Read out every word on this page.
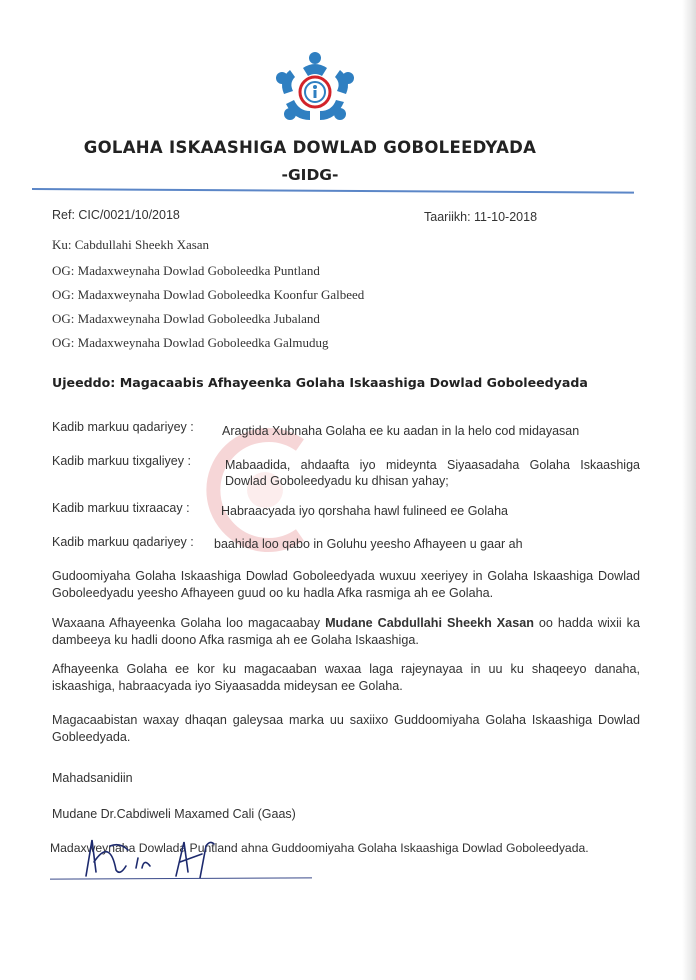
GOLAHA ISKAASHIGA DOWLAD GOBOLEEDYADA
-GIDG-
Ref: CIC/0021/10/2018	Taariikh: 11-10-2018
Ku: Cabdullahi Sheekh Xasan
OG: Madaxweynaha Dowlad Goboleedka Puntland
OG: Madaxweynaha Dowlad Goboleedka Koonfur Galbeed
OG: Madaxweynaha Dowlad Goboleedka Jubaland
OG: Madaxweynaha Dowlad Goboleedka Galmudug
Ujeeddo: Magacaabis Afhayeenka Golaha Iskaashiga Dowlad Goboleedyada
Kadib markuu qadariyey : Aragtida Xubnaha Golaha ee ku aadan in la helo cod midayasan
Kadib markuu tixgaliyey :	Mabaadida, ahdaafta iyo mideynta Siyaasadaha Golaha Iskaashiga
Dowlad Goboleedyadu ku dhisan yahay;
Kadib markuu tixraacay :	Habraacyada iyo qorshaha hawl fulineed ee Golaha
Kadib markuu qadariyey : baahida loo qabo in Goluhu yeesho Afhayeen u gaar ah
Gudoomiyaha Golaha Iskaashiga Dowlad Goboleedyada wuxuu xeeriyey in Golaha Iskaashiga Dowlad Goboleedyadu yeesho Afhayeen guud oo ku hadla Afka rasmiga ah ee Golaha.
Waxaana Afhayeenka Golaha loo magacaabay Mudane Cabdullahi Sheekh Xasan oo hadda wixii ka dambeeya ku hadli doono Afka rasmiga ah ee Golaha Iskaashiga.
Afhayeenka Golaha ee kor ku magacaaban waxaa laga rajeynayaa in uu ku shaqeeyo danaha, iskaashiga, habraacyada iyo Siyaasadda mideysan ee Golaha.
Magacaabistan waxay dhaqan galeysaa marka uu saxiixo Guddoomiyaha Golaha Iskaashiga Dowlad Gobleedyada.
Mahadsanidiin
Mudane Dr.Cabdiweli Maxamed Cali (Gaas)
Madaxweynaha Dowlada Puntland ahna Guddoomiyaha Golaha Iskaashiga Dowlad Goboleedyada.
